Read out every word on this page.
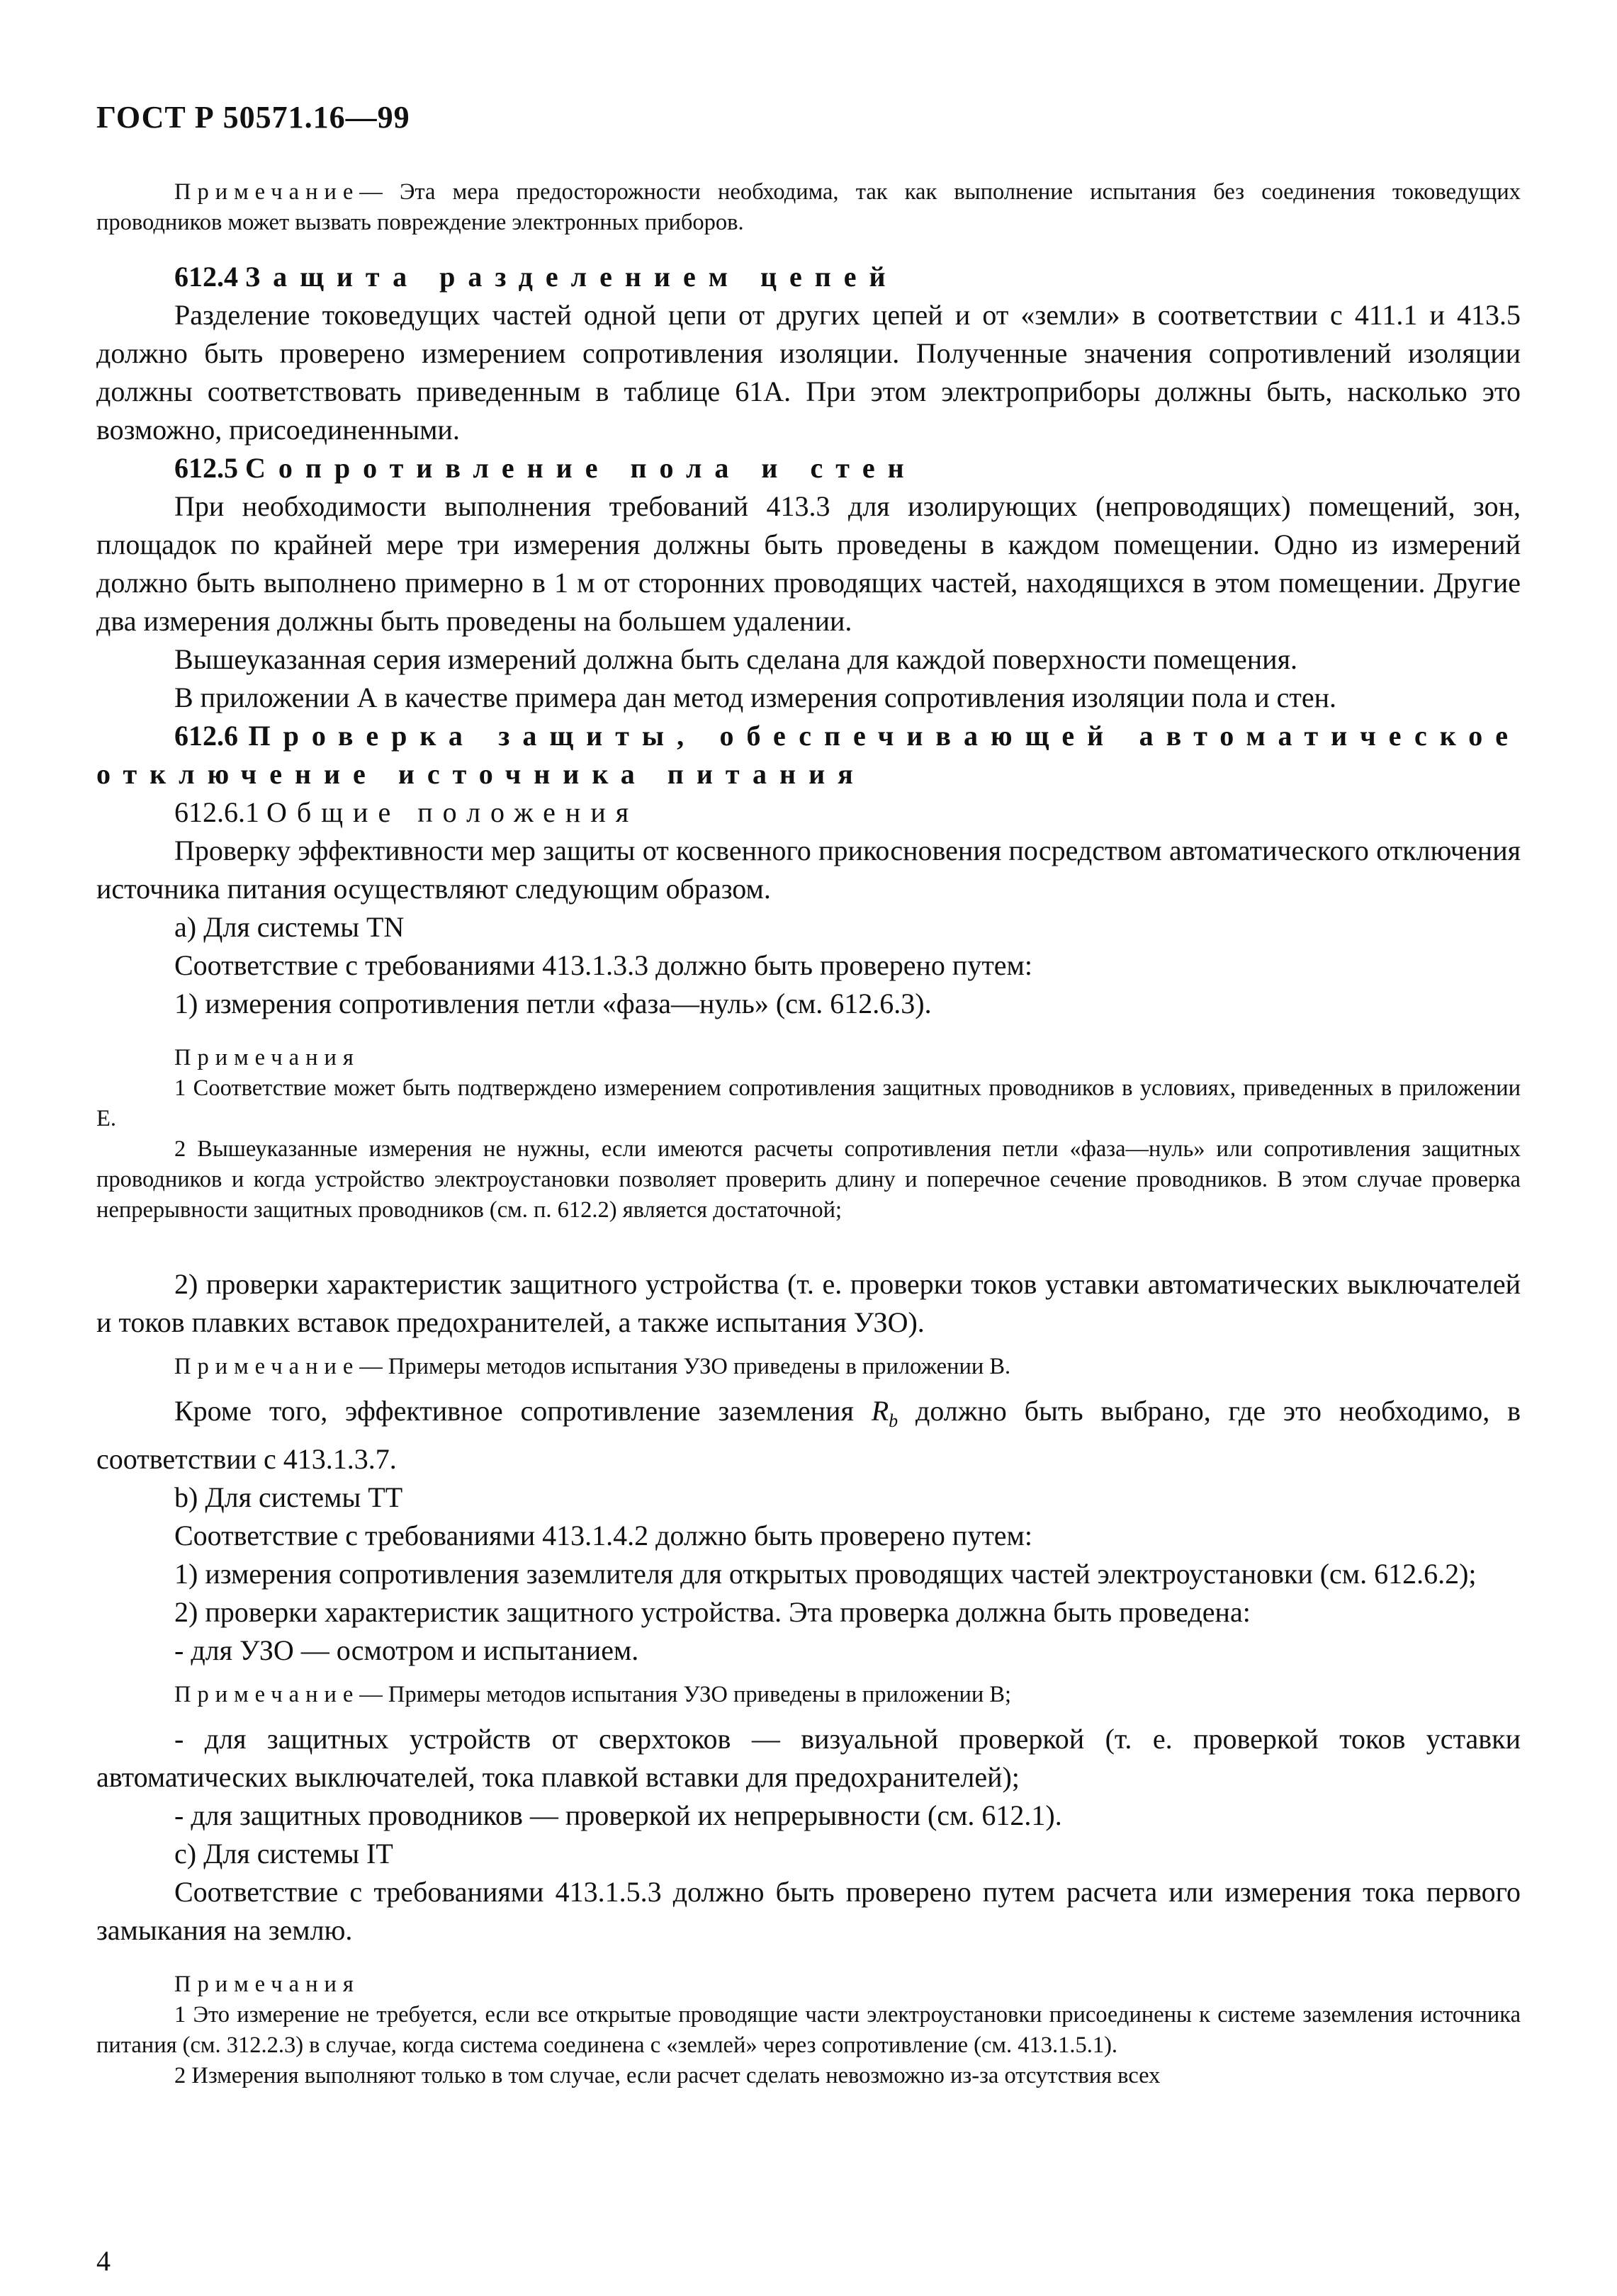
ГОСТ Р 50571.16—99

Примечание— Эта мера предосторожности необходима, так как выполнение испытания без соединения токоведущих проводников может вызвать повреждение электронных приборов.

612.4 Защита разделением цепей

Разделение токоведущих частей одной цепи от других цепей и от «земли» в соответствии с 411.1 и 413.5 должно быть проверено измерением сопротивления изоляции. Полученные значения сопротивлений изоляции должны соответствовать приведенным в таблице 61А. При этом электроприборы должны быть, насколько это возможно, присоединенными.

612.5 Сопротивление пола и стен

При необходимости выполнения требований 413.3 для изолирующих (непроводящих) помещений, зон, площадок по крайней мере три измерения должны быть проведены в каждом помещении. Одно из измерений должно быть выполнено примерно в 1 м от сторонних проводящих частей, находящихся в этом помещении. Другие два измерения должны быть проведены на большем удалении.

Вышеуказанная серия измерений должна быть сделана для каждой поверхности помещения.

В приложении А в качестве примера дан метод измерения сопротивления изоляции пола и стен.

612.6 Проверка защиты, обеспечивающей автоматическое отключение источника питания

612.6.1 Общие положения

Проверку эффективности мер защиты от косвенного прикосновения посредством автоматического отключения источника питания осуществляют следующим образом.

а) Для системы TN

Соответствие с требованиями 413.1.3.3 должно быть проверено путем:

1) измерения сопротивления петли «фаза—нуль» (см. 612.6.3).

Примечания

1 Соответствие может быть подтверждено измерением сопротивления защитных проводников в условиях, приведенных в приложении Е.

2 Вышеуказанные измерения не нужны, если имеются расчеты сопротивления петли «фаза—нуль» или сопротивления защитных проводников и когда устройство электроустановки позволяет проверить длину и поперечное сечение проводников. В этом случае проверка непрерывности защитных проводников (см. п. 612.2) является достаточной;

2) проверки характеристик защитного устройства (т. е. проверки токов уставки автоматических выключателей и токов плавких вставок предохранителей, а также испытания УЗО).

Примечание— Примеры методов испытания УЗО приведены в приложении В.

Кроме того, эффективное сопротивление заземления $R_b$ должно быть выбрано, где это необходимо, в соответствии с 413.1.3.7.

b) Для системы TT

Соответствие с требованиями 413.1.4.2 должно быть проверено путем:

1) измерения сопротивления заземлителя для открытых проводящих частей электроустановки (см. 612.6.2);

2) проверки характеристик защитного устройства. Эта проверка должна быть проведена:

- для УЗО — осмотром и испытанием.

Примечание— Примеры методов испытания УЗО приведены в приложении В;

- для защитных устройств от сверхтоков — визуальной проверкой (т. е. проверкой токов уставки автоматических выключателей, тока плавкой вставки для предохранителей);

- для защитных проводников — проверкой их непрерывности (см. 612.1).

с) Для системы IT

Соответствие с требованиями 413.1.5.3 должно быть проверено путем расчета или измерения тока первого замыкания на землю.

Примечания

1 Это измерение не требуется, если все открытые проводящие части электроустановки присоединены к системе заземления источника питания (см. 312.2.3) в случае, когда система соединена с «землей» через сопротивление (см. 413.1.5.1).

2 Измерения выполняют только в том случае, если расчет сделать невозможно из-за отсутствия всех

4
